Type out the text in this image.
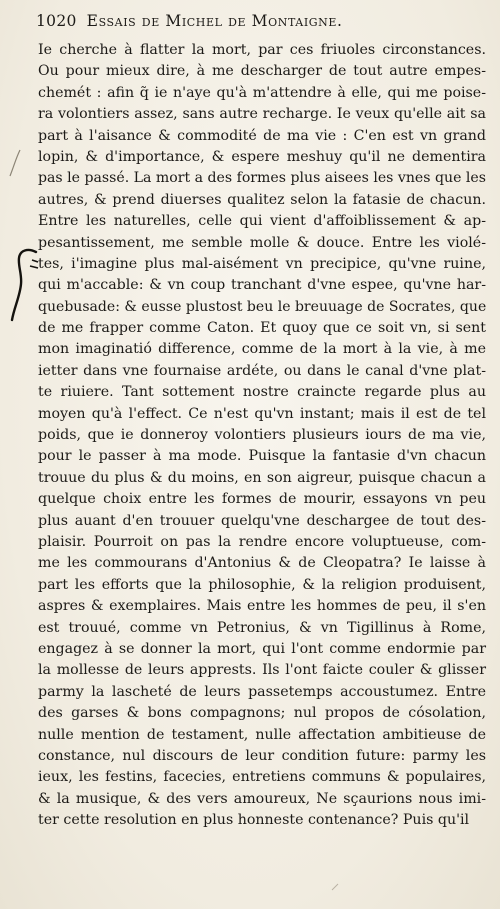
1020 Essais de Michel de Montaigne.
Ie cherche à flatter la mort, par ces friuoles circonstances.
Ou pour mieux dire, à me descharger de tout autre empes-
chemét : afin q̃ ie n'aye qu'à m'attendre à elle, qui me poise-
ra volontiers assez, sans autre recharge. Ie veux qu'elle ait sa
part à l'aisance & commodité de ma vie : C'en est vn grand
lopin, & d'importance, & espere meshuy qu'il ne dementira
pas le passé. La mort a des formes plus aisees les vnes que les
autres, & prend diuerses qualitez selon la fatasie de chacun.
Entre les naturelles, celle qui vient d'affoiblissement & ap-
pesantissement, me semble molle & douce. Entre les violé-
tes, i'imagine plus mal-aisément vn precipice, qu'vne ruine,
qui m'accable: & vn coup tranchant d'vne espee, qu'vne har-
quebusade: & eusse plustost beu le breuuage de Socrates, que
de me frapper comme Caton. Et quoy que ce soit vn, si sent
mon imaginatió difference, comme de la mort à la vie, à me
ietter dans vne fournaise ardéte, ou dans le canal d'vne plat-
te riuiere. Tant sottement nostre craincte regarde plus au
moyen qu'à l'effect. Ce n'est qu'vn instant; mais il est de tel
poids, que ie donneroy volontiers plusieurs iours de ma vie,
pour le passer à ma mode. Puisque la fantasie d'vn chacun
trouue du plus & du moins, en son aigreur, puisque chacun a
quelque choix entre les formes de mourir, essayons vn peu
plus auant d'en trouuer quelqu'vne deschargee de tout des-
plaisir. Pourroit on pas la rendre encore voluptueuse, com-
me les commourans d'Antonius & de Cleopatra? Ie laisse à
part les efforts que la philosophie, & la religion produisent,
aspres & exemplaires. Mais entre les hommes de peu, il s'en
est trouué, comme vn Petronius, & vn Tigillinus à Rome,
engagez à se donner la mort, qui l'ont comme endormie par
la mollesse de leurs apprests. Ils l'ont faicte couler & glisser
parmy la lascheté de leurs passetemps accoustumez. Entre
des garses & bons compagnons; nul propos de cósolation,
nulle mention de testament, nulle affectation ambitieuse de
constance, nul discours de leur condition future: parmy les
ieux, les festins, facecies, entretiens communs & populaires,
& la musique, & des vers amoureux, Ne sçaurions nous imi-
ter cette resolution en plus honneste contenance? Puis qu'il
